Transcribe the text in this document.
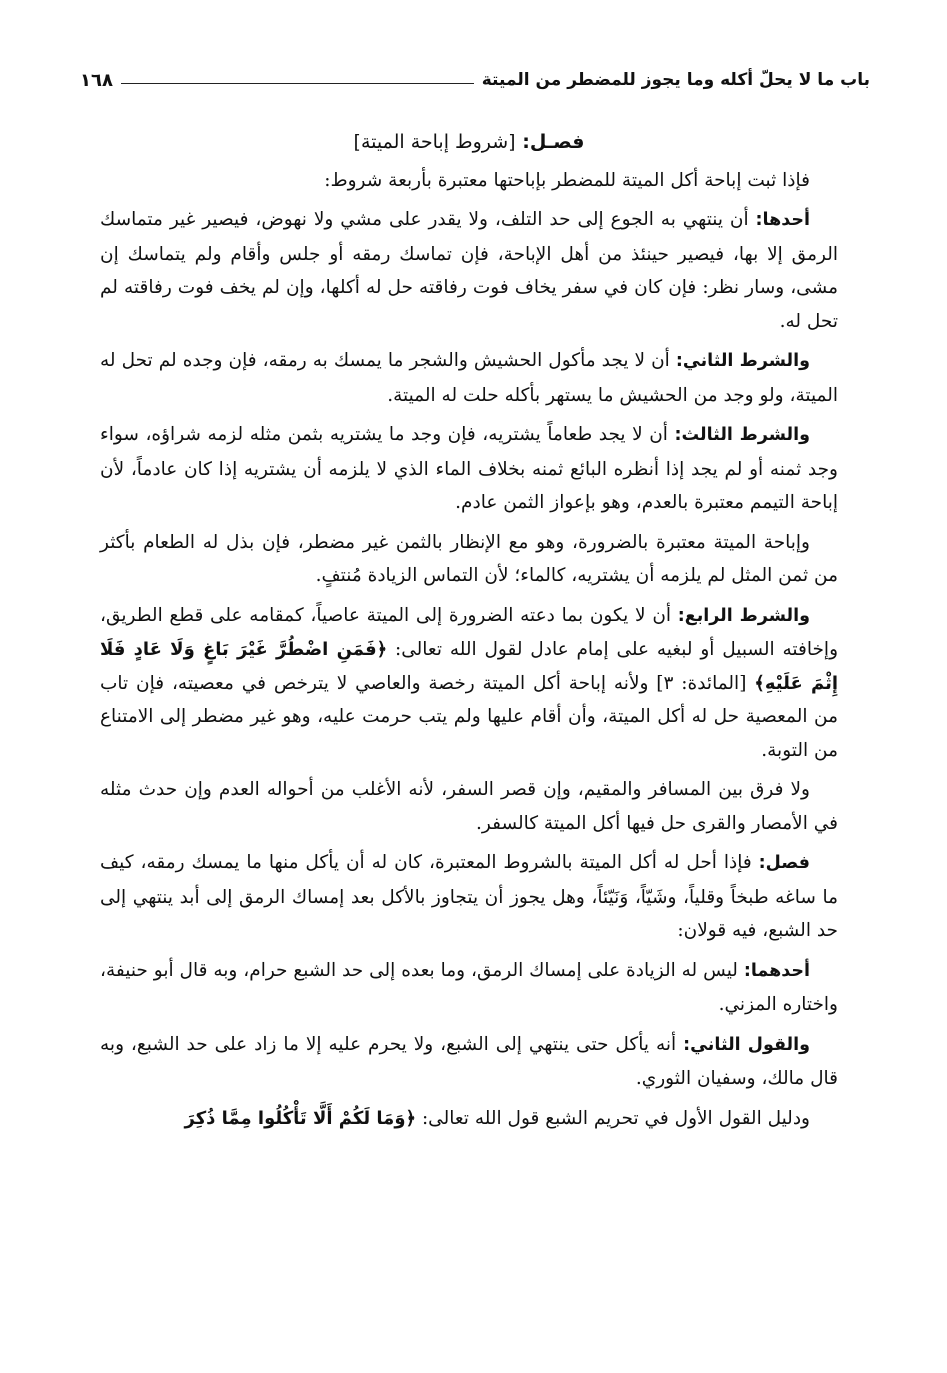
باب ما لا يحلّ أكله وما يجوز للمضطر من الميتة
١٦٨
فصـل: [شروط إباحة الميتة]

فإذا ثبت إباحة أكل الميتة للمضطر بإباحتها معتبرة بأربعة شروط:

أحدها: أن ينتهي به الجوع إلى حد التلف، ولا يقدر على مشي ولا نهوض، فيصير غير متماسك الرمق إلا بها، فيصير حينئذ من أهل الإباحة، فإن تماسك رمقه أو جلس وأقام ولم يتماسك إن مشى، وسار نظر: فإن كان في سفر يخاف فوت رفاقته حل له أكلها، وإن لم يخف فوت رفاقته لم تحل له.

والشرط الثاني: أن لا يجد مأكول الحشيش والشجر ما يمسك به رمقه، فإن وجده لم تحل له الميتة، ولو وجد من الحشيش ما يستهر بأكله حلت له الميتة.

والشرط الثالث: أن لا يجد طعاماً يشتريه، فإن وجد ما يشتريه بثمن مثله لزمه شراؤه، سواء وجد ثمنه أو لم يجد إذا أنظره البائع ثمنه بخلاف الماء الذي لا يلزمه أن يشتريه إذا كان عادماً، لأن إباحة التيمم معتبرة بالعدم، وهو بإعواز الثمن عادم.

وإباحة الميتة معتبرة بالضرورة، وهو مع الإنظار بالثمن غير مضطر، فإن بذل له الطعام بأكثر من ثمن المثل لم يلزمه أن يشتريه، كالماء؛ لأن التماس الزيادة مُنتفٍ.

والشرط الرابع: أن لا يكون بما دعته الضرورة إلى الميتة عاصياً، كمقامه على قطع الطريق، وإخافته السبيل أو لبغيه على إمام عادل لقول الله تعالى: ﴿فَمَنِ اضْطُرَّ غَيْرَ بَاغٍ وَلَا عَادٍ فَلَا إِثْمَ عَلَيْهِ﴾ [المائدة: ٣] ولأنه إباحة أكل الميتة رخصة والعاصي لا يترخص في معصيته، فإن تاب من المعصية حل له أكل الميتة، وأن أقام عليها ولم يتب حرمت عليه، وهو غير مضطر إلى الامتناع من التوبة.

ولا فرق بين المسافر والمقيم، وإن قصر السفر، لأنه الأغلب من أحواله العدم وإن حدث مثله في الأمصار والقرى حل فيها أكل الميتة كالسفر.

فصل: فإذا أحل له أكل الميتة بالشروط المعتبرة، كان له أن يأكل منها ما يمسك رمقه، كيف ما ساغه طبخاً وقلياً، وشَيّاً، وَنَيّئاً، وهل يجوز أن يتجاوز بالأكل بعد إمساك الرمق إلى أبد ينتهي إلى حد الشبع، فيه قولان:

أحدهما: ليس له الزيادة على إمساك الرمق، وما بعده إلى حد الشبع حرام، وبه قال أبو حنيفة، واختاره المزني.

والقول الثاني: أنه يأكل حتى ينتهي إلى الشبع، ولا يحرم عليه إلا ما زاد على حد الشبع، وبه قال مالك، وسفيان الثوري.

ودليل القول الأول في تحريم الشبع قول الله تعالى: ﴿وَمَا لَكُمْ أَلَّا تَأْكُلُوا مِمَّا ذُكِرَ
